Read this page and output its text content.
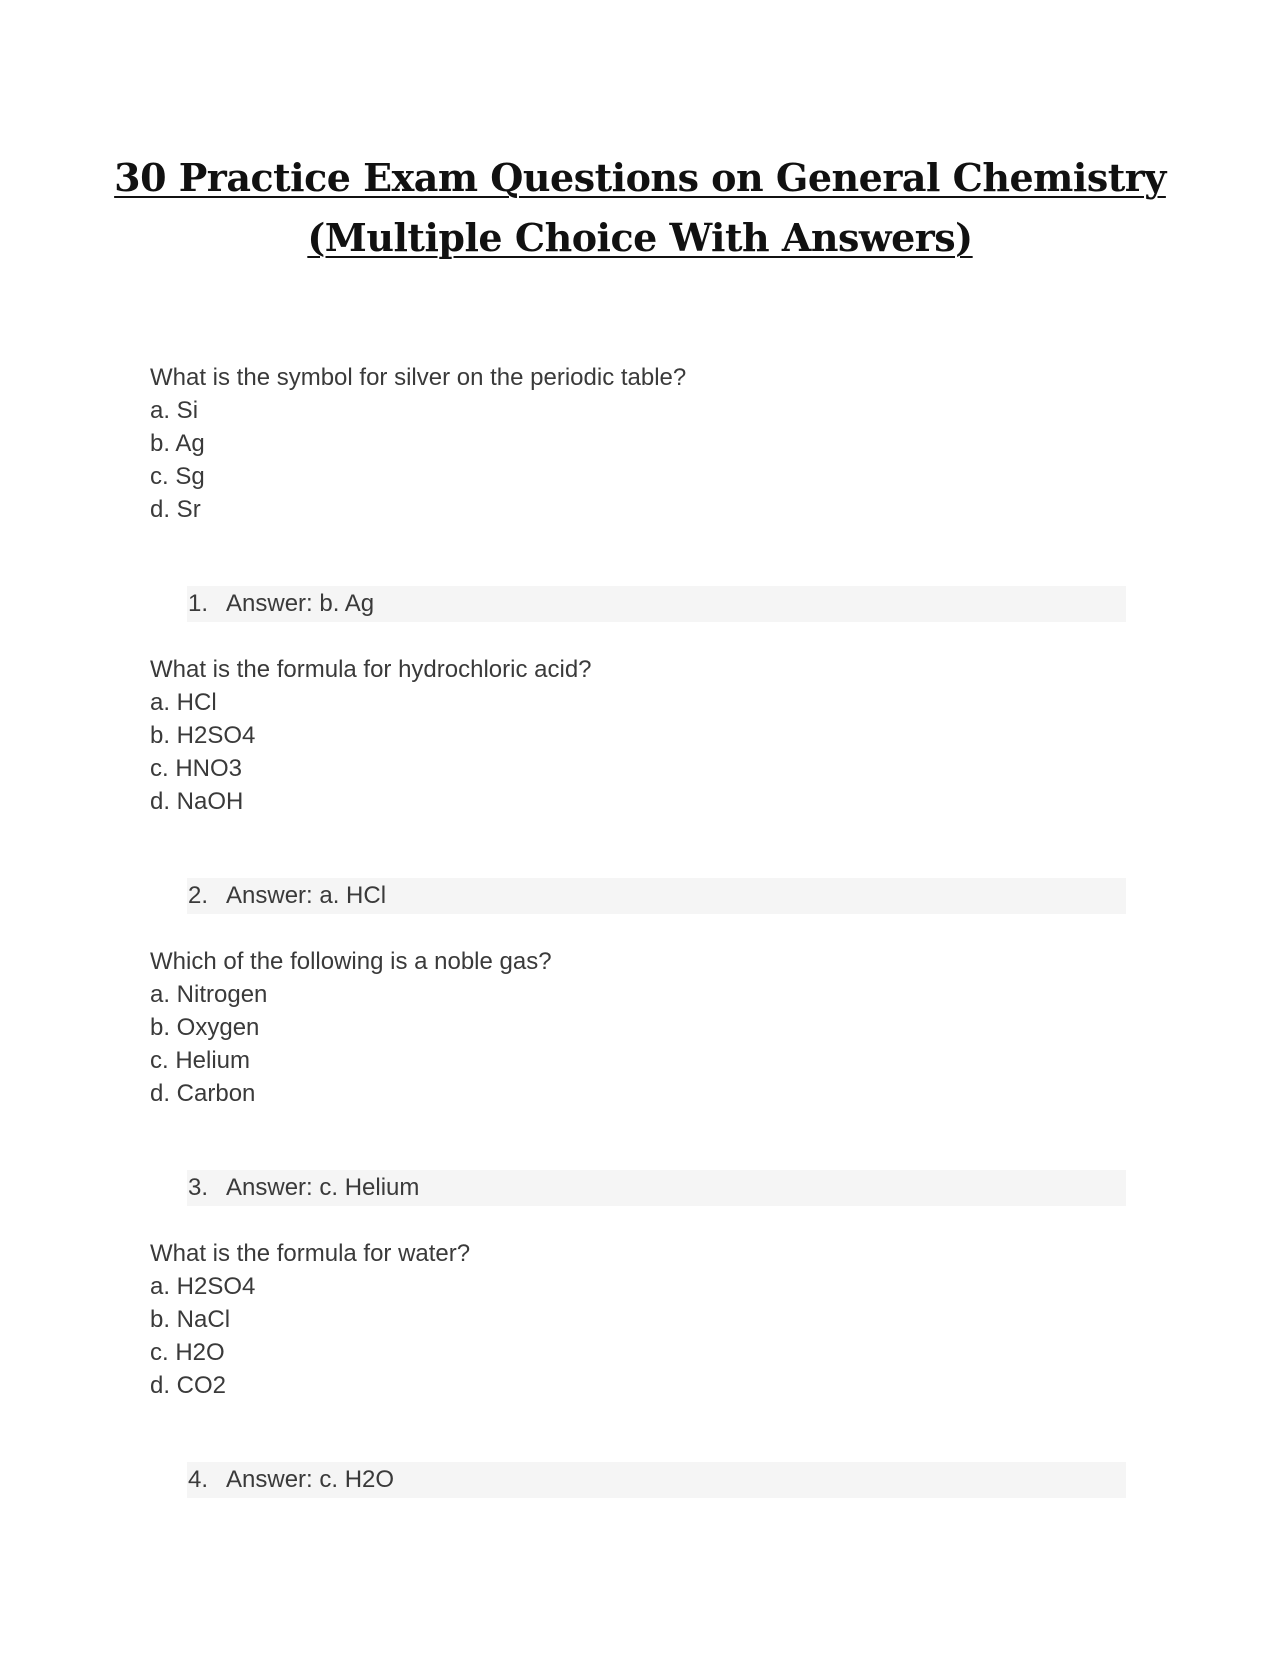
30 Practice Exam Questions on General Chemistry
(Multiple Choice With Answers)
What is the symbol for silver on the periodic table?
a. Si
b. Ag
c. Sg
d. Sr
1. Answer: b. Ag
What is the formula for hydrochloric acid?
a. HCl
b. H2SO4
c. HNO3
d. NaOH
2. Answer: a. HCl
Which of the following is a noble gas?
a. Nitrogen
b. Oxygen
c. Helium
d. Carbon
3. Answer: c. Helium
What is the formula for water?
a. H2SO4
b. NaCl
c. H2O
d. CO2
4. Answer: c. H2O
